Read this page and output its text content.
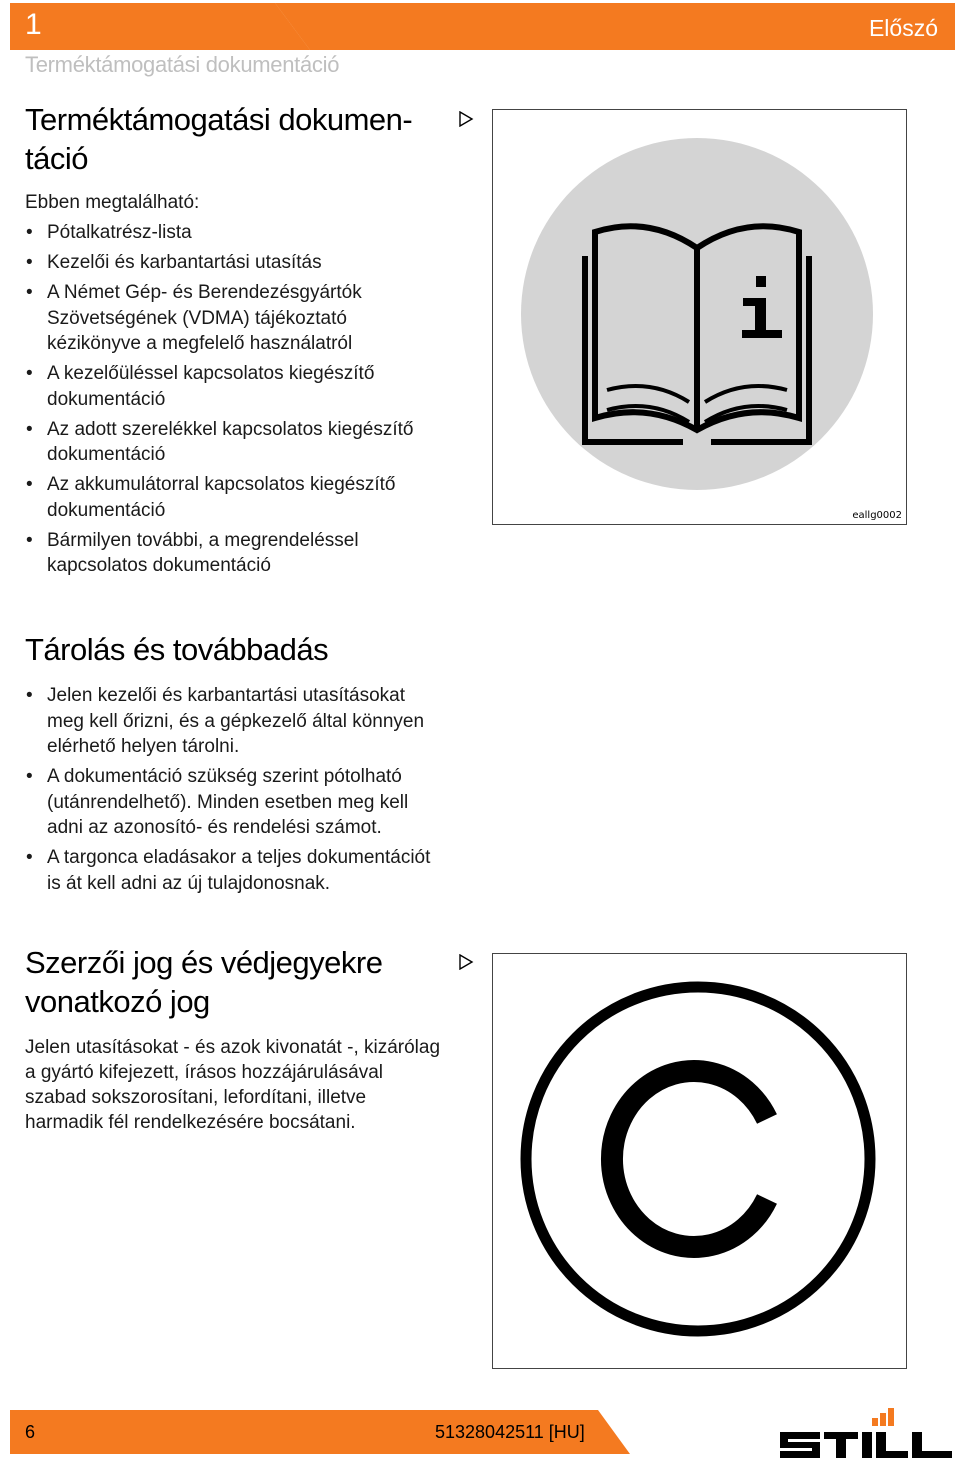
1	Előszó
Terméktámogatási dokumentáció
Terméktámogatási dokumen-
táció

Ebben megtalálható:

• Pótalkatrész-lista
• Kezelői és karbantartási utasítás
• A Német Gép- és Berendezésgyártók Szövetségének (VDMA) tájékoztató kézikönyve a megfelelő használatról
• A kezelőüléssel kapcsolatos kiegészítő dokumentáció
• Az adott szerelékkel kapcsolatos kiegészítő dokumentáció
• Az akkumulátorral kapcsolatos kiegészítő dokumentáció
• Bármilyen további, a megrendeléssel kapcsolatos dokumentáció
eallg0002
Tárolás és továbbadás
• Jelen kezelői és karbantartási utasításokat meg kell őrizni, és a gépkezelő által könnyen elérhető helyen tárolni.
• A dokumentáció szükség szerint pótolható (utánrendelhető). Minden esetben meg kell adni az azonosító- és rendelési számot.
• A targonca eladásakor a teljes dokumentációt is át kell adni az új tulajdonosnak.
Szerzői jog és védjegyekre
vonatkozó jog

Jelen utasításokat - és azok kivonatát -, kizárólag a gyártó kifejezett, írásos hozzájárulásával szabad sokszorosítani, lefordítani, illetve harmadik fél rendelkezésére bocsátani.

6	51328042511 [HU]
